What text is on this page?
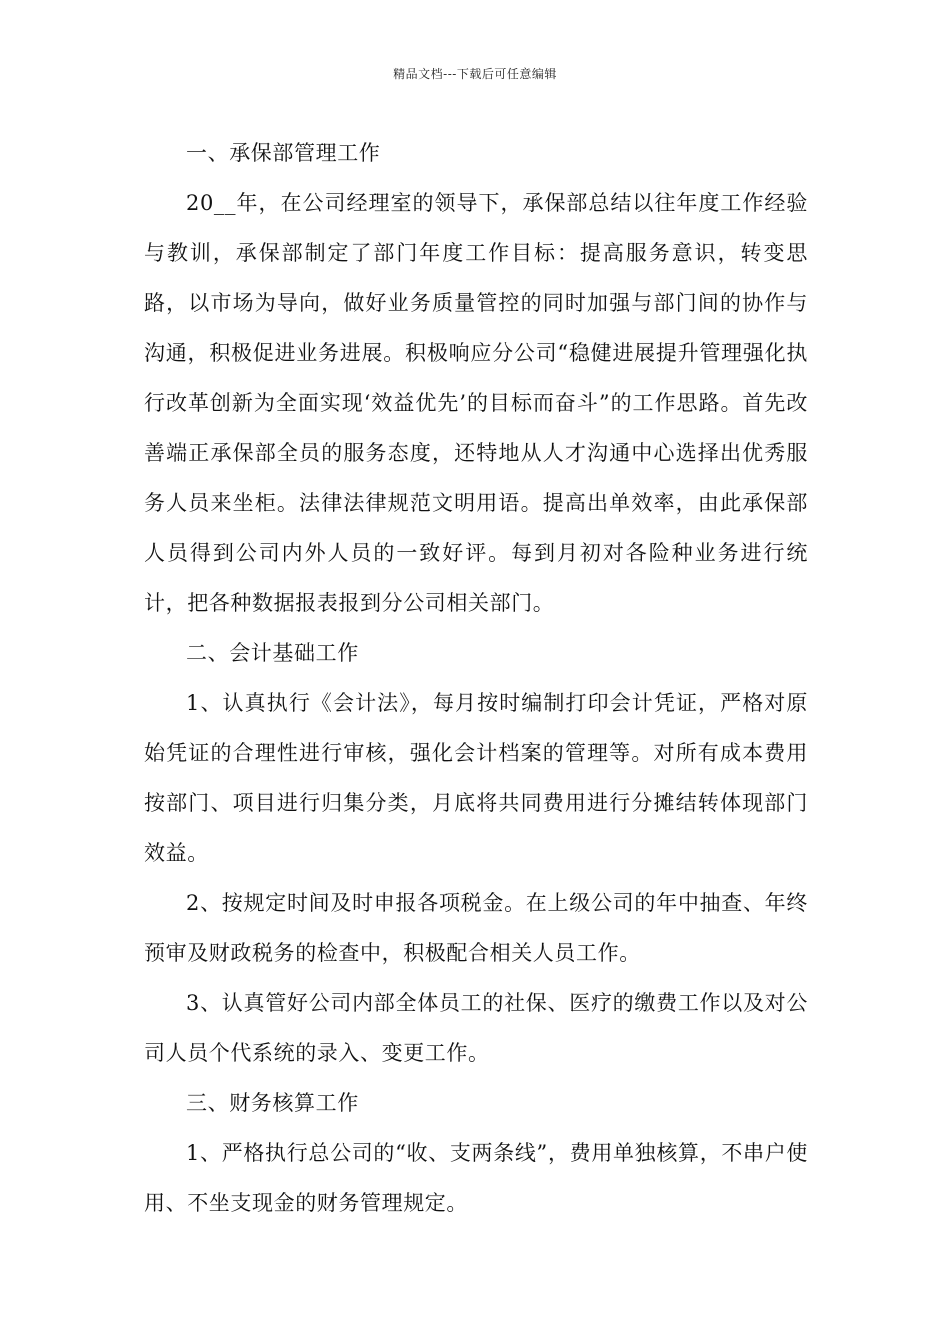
精品文档---下载后可任意编辑

一、承保部管理工作

20__年，在公司经理室的领导下，承保部总结以往年度工作经验与教训，承保部制定了部门年度工作目标：提高服务意识，转变思路，以市场为导向，做好业务质量管控的同时加强与部门间的协作与沟通，积极促进业务进展。积极响应分公司“稳健进展提升管理强化执行改革创新为全面实现‘效益优先’的目标而奋斗”的工作思路。首先改善端正承保部全员的服务态度，还特地从人才沟通中心选择出优秀服务人员来坐柜。法律法律规范文明用语。提高出单效率，由此承保部人员得到公司内外人员的一致好评。每到月初对各险种业务进行统计，把各种数据报表报到分公司相关部门。

二、会计基础工作

1、认真执行《会计法》，每月按时编制打印会计凭证，严格对原始凭证的合理性进行审核，强化会计档案的管理等。对所有成本费用按部门、项目进行归集分类，月底将共同费用进行分摊结转体现部门效益。

2、按规定时间及时申报各项税金。在上级公司的年中抽查、年终预审及财政税务的检查中，积极配合相关人员工作。

3、认真管好公司内部全体员工的社保、医疗的缴费工作以及对公司人员个代系统的录入、变更工作。

三、财务核算工作

1、严格执行总公司的“收、支两条线”，费用单独核算，不串户使用、不坐支现金的财务管理规定。
